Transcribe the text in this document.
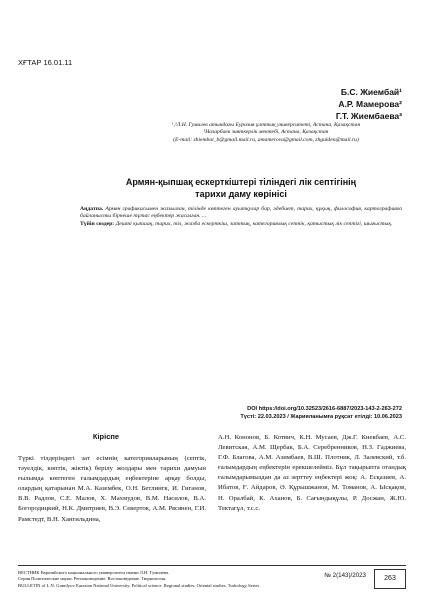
ХҒТАР 16.01.11
Б.С. Жиембай¹
А.Р. Мамерова²
Г.Т. Жиембаева³
¹,²Л.Н. Гумилев атындағы Еуразия ұлттық университеті, Астана, Қазақстан
³Назарбаев зияткерлік мектебі, Астана, Қазақстан
(E-mail: zhiembai_b@gmail.mail.ru, amamerova@gmail.com, zhgulden@mail.ru)
Армян-қыпшақ ескерткіштері тіліндегі лік септігінің
тарихи даму көрінісі
Аңдатпа. Армян графикасымен жазылған, тілінде көптеген ауытқулар бар, әдебиет, тарих, құқық, философия, картографияға байланысты бірнеше тұтас еңбектер жасалған. ...
Түйін сөздер: Дешті қыпшақ, тарих, тіл, жазба ескерткіш, заттық, категориялық септік, қатыстық лік септігі, шығыстық.
DOI https://doi.org/10.32523/2616-6887/2023-143-2-263-272
Түсті: 22.03.2023 / Жарияланымға рұқсат етілді: 10.06.2023
Кіріспе
Түркі тілдеріндегі зат есімнің категорияларының (септік, тәуелдік, көптік, жіктік) берілу жолдары мен тарихи дамуын ғылымда көптеген ғалымдардың еңбектеріне арқау болды, олардың қатарынан М.А. Казембек, О.Н. Бетлингк, И. Гиганов, В.В. Радлов, С.Е. Малов, Х. Махмудов, В.М. Насилов, В.А. Богородицкий, Н.К. Дмитриев, В.Э. Северток, А.М. Рясянен, Г.И. Рамстедт, В.Н. Хангильдина,
А.Н. Кононов, Б. Котвич, К.Н. Мусаев, Дж.Г. Киекбаев, А.С. Левитская, А.М. Щербак, Б.А. Серебренников, Н.З. Гаджиева, Г.Ф. Благова, А.М. Азимбаев, В.Ш. Плотник, Л. Залевский, т.б. ғалымдардың еңбектерін ерекшелейміз. Бұл тақырыпта отандық ғалымдарымыздан да аз зерттеу еңбектері жоқ: А. Есқазиев, А. Ибатов, Ғ. Айдаров, Ә. Құрышжанов, М. Томанов, А. Ысқақов, Н. Оралбай, К. Аханов, Б. Сағындықұлы, Р. Досжан, Ж.Ю. Тектагұл, т.с.с.
ВЕСТНИК Евразийского национального университета имени Л.Н. Гумилева.
Серия Политические науки. Регионоведение. Востоковедение. Тюркология.
BULLETIN of L.N. Gumilyov Eurasian National University. Political science. Regional studies. Oriental studies. Turkology Series
№ 2(143)/2023	263
